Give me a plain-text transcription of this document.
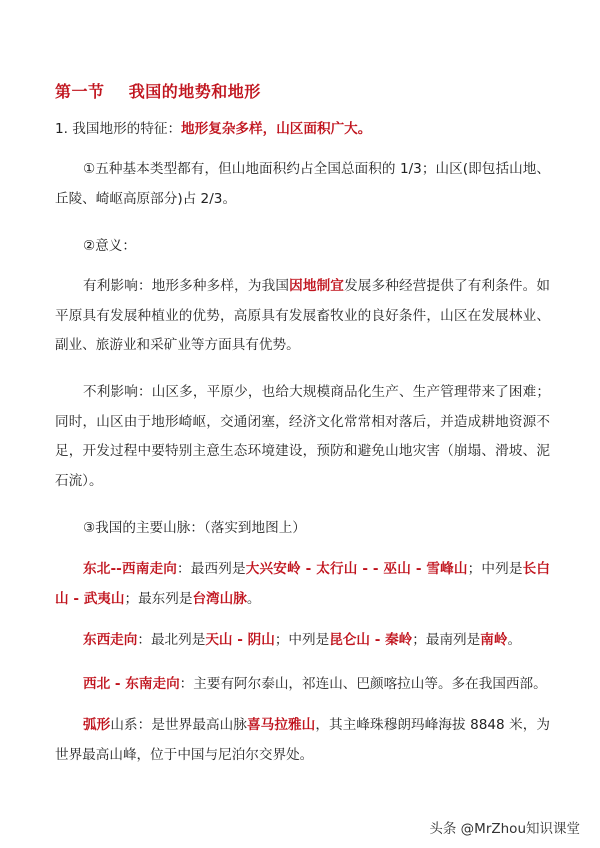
第一节    我国的地势和地形
1. 我国地形的特征：地形复杂多样，山区面积广大。
①五种基本类型都有，但山地面积约占全国总面积的 1/3；山区(即包括山地、丘陵、崎岖高原部分)占 2/3。
②意义：
有利影响：地形多种多样，为我国因地制宜发展多种经营提供了有利条件。如平原具有发展种植业的优势，高原具有发展畜牧业的良好条件，山区在发展林业、副业、旅游业和采矿业等方面具有优势。
不利影响：山区多，平原少，也给大规模商品化生产、生产管理带来了困难；同时，山区由于地形崎岖，交通闭塞，经济文化常常相对落后，并造成耕地资源不足，开发过程中要特别主意生态环境建设，预防和避免山地灾害（崩塌、滑坡、泥石流）。
③我国的主要山脉：（落实到地图上）
东北--西南走向：最西列是大兴安岭 - 太行山 - - 巫山 - 雪峰山；中列是长白山 - 武夷山；最东列是台湾山脉。
东西走向：最北列是天山 - 阴山；中列是昆仑山 - 秦岭；最南列是南岭。
西北 - 东南走向：主要有阿尔泰山，祁连山、巴颜喀拉山等。多在我国西部。
弧形山系：是世界最高山脉喜马拉雅山，其主峰珠穆朗玛峰海拔 8848 米，为世界最高山峰，位于中国与尼泊尔交界处。
头条 @MrZhou知识课堂
